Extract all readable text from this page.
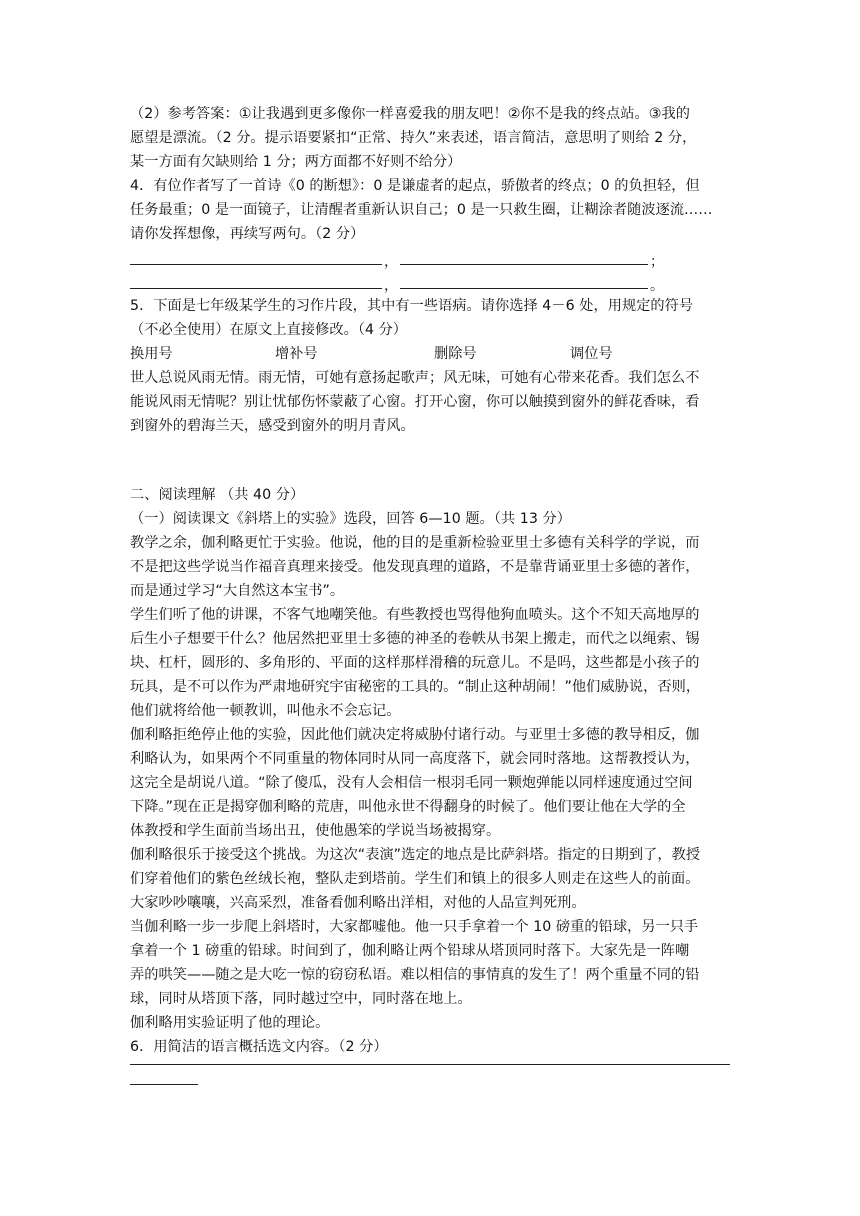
（2）参考答案：①让我遇到更多像你一样喜爱我的朋友吧！②你不是我的终点站。③我的
愿望是漂流。（2 分。提示语要紧扣“正常、持久”来表述，语言简洁，意思明了则给 2 分，
某一方面有欠缺则给 1 分；两方面都不好则不给分）
4．有位作者写了一首诗《0 的断想》：0 是谦虚者的起点，骄傲者的终点；0 的负担轻，但
任务最重；0 是一面镜子，让清醒者重新认识自己；0 是一只救生圈，让糊涂者随波逐流……
请你发挥想像，再续写两句。（2 分）
，	；
，	。
5．下面是七年级某学生的习作片段，其中有一些语病。请你选择 4－6 处，用规定的符号
（不必全使用）在原文上直接修改。（4 分）
换用号	增补号	删除号	调位号
世人总说风雨无情。雨无情，可她有意扬起歌声；风无味，可她有心带来花香。我们怎么不
能说风雨无情呢？别让忧郁伤怀蒙蔽了心窗。打开心窗，你可以触摸到窗外的鲜花香味，看
到窗外的碧海兰天，感受到窗外的明月青风。
二、阅读理解 （共 40 分）
（一）阅读课文《斜塔上的实验》选段，回答 6—10 题。（共 13 分）
教学之余，伽利略更忙于实验。他说，他的目的是重新检验亚里士多德有关科学的学说，而
不是把这些学说当作福音真理来接受。他发现真理的道路，不是靠背诵亚里士多德的著作，
而是通过学习“大自然这本宝书”。
学生们听了他的讲课，不客气地嘲笑他。有些教授也骂得他狗血喷头。这个不知天高地厚的
后生小子想要干什么？他居然把亚里士多德的神圣的卷帙从书架上搬走，而代之以绳索、锡
块、杠杆，圆形的、多角形的、平面的这样那样滑稽的玩意儿。不是吗，这些都是小孩子的
玩具，是不可以作为严肃地研究宇宙秘密的工具的。“制止这种胡闹！”他们威胁说，否则，
他们就将给他一顿教训，叫他永不会忘记。
伽利略拒绝停止他的实验，因此他们就决定将威胁付诸行动。与亚里士多德的教导相反，伽
利略认为，如果两个不同重量的物体同时从同一高度落下，就会同时落地。这帮教授认为，
这完全是胡说八道。“除了傻瓜，没有人会相信一根羽毛同一颗炮弹能以同样速度通过空间
下降。”现在正是揭穿伽利略的荒唐，叫他永世不得翻身的时候了。他们要让他在大学的全
体教授和学生面前当场出丑，使他愚笨的学说当场被揭穿。
伽利略很乐于接受这个挑战。为这次“表演”选定的地点是比萨斜塔。指定的日期到了，教授
们穿着他们的紫色丝绒长袍，整队走到塔前。学生们和镇上的很多人则走在这些人的前面。
大家吵吵嚷嚷，兴高采烈，准备看伽利略出洋相，对他的人品宣判死刑。
当伽利略一步一步爬上斜塔时，大家都嘘他。他一只手拿着一个 10 磅重的铅球，另一只手
拿着一个 1 磅重的铅球。时间到了，伽利略让两个铅球从塔顶同时落下。大家先是一阵嘲
弄的哄笑——随之是大吃一惊的窃窃私语。难以相信的事情真的发生了！两个重量不同的铅
球，同时从塔顶下落，同时越过空中，同时落在地上。
伽利略用实验证明了他的理论。
6．用简洁的语言概括选文内容。（2 分）
